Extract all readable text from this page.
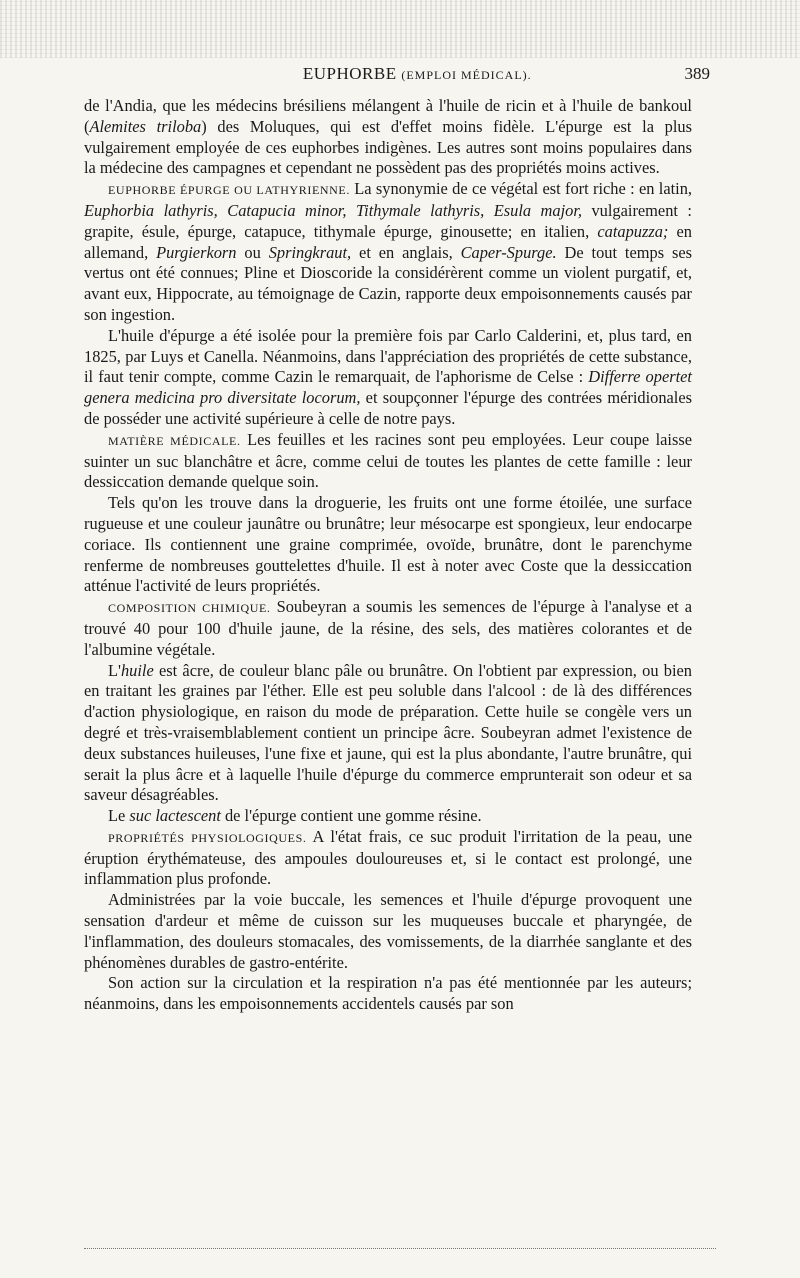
EUPHORBE (EMPLOI MÉDICAL).	389

de l'Andia, que les médecins brésiliens mélangent à l'huile de ricin et à l'huile de bankoul (Alemites triloba) des Moluques, qui est d'effet moins fidèle. L'épurge est la plus vulgairement employée de ces euphorbes indigènes. Les autres sont moins populaires dans la médecine des campagnes et cependant ne possèdent pas des propriétés moins actives.

EUPHORBE ÉPURGE OU LATHYRIENNE. La synonymie de ce végétal est fort riche : en latin, Euphorbia lathyris, Catapucia minor, Tithymale lathyris, Esula major, vulgairement : grapite, ésule, épurge, catapuce, tithymale épurge, ginousette; en italien, catapuzza; en allemand, Purgierkorn ou Springkraut, et en anglais, Caper-Spurge. De tout temps ses vertus ont été connues; Pline et Dioscoride la considérèrent comme un violent purgatif, et, avant eux, Hippocrate, au témoignage de Cazin, rapporte deux empoisonnements causés par son ingestion.

L'huile d'épurge a été isolée pour la première fois par Carlo Calderini, et, plus tard, en 1825, par Luys et Canella. Néanmoins, dans l'appréciation des propriétés de cette substance, il faut tenir compte, comme Cazin le remarquait, de l'aphorisme de Celse : Differre opertet genera medicina pro diversitate locorum, et soupçonner l'épurge des contrées méridionales de posséder une activité supérieure à celle de notre pays.

MATIÈRE MÉDICALE. Les feuilles et les racines sont peu employées. Leur coupe laisse suinter un suc blanchâtre et âcre, comme celui de toutes les plantes de cette famille : leur dessiccation demande quelque soin.

Tels qu'on les trouve dans la droguerie, les fruits ont une forme étoilée, une surface rugueuse et une couleur jaunâtre ou brunâtre; leur mésocarpe est spongieux, leur endocarpe coriace. Ils contiennent une graine comprimée, ovoïde, brunâtre, dont le parenchyme renferme de nombreuses gouttelettes d'huile. Il est à noter avec Coste que la dessiccation atténue l'activité de leurs propriétés.

COMPOSITION CHIMIQUE. Soubeyran a soumis les semences de l'épurge à l'analyse et a trouvé 40 pour 100 d'huile jaune, de la résine, des sels, des matières colorantes et de l'albumine végétale.

L'huile est âcre, de couleur blanc pâle ou brunâtre. On l'obtient par expression, ou bien en traitant les graines par l'éther. Elle est peu soluble dans l'alcool : de là des différences d'action physiologique, en raison du mode de préparation. Cette huile se congèle vers un degré et très-vraisemblablement contient un principe âcre. Soubeyran admet l'existence de deux substances huileuses, l'une fixe et jaune, qui est la plus abondante, l'autre brunâtre, qui serait la plus âcre et à laquelle l'huile d'épurge du commerce emprunterait son odeur et sa saveur désagréables.

Le suc lactescent de l'épurge contient une gomme résine.

PROPRIÉTÉS PHYSIOLOGIQUES. A l'état frais, ce suc produit l'irritation de la peau, une éruption érythémateuse, des ampoules douloureuses et, si le contact est prolongé, une inflammation plus profonde.

Administrées par la voie buccale, les semences et l'huile d'épurge provoquent une sensation d'ardeur et même de cuisson sur les muqueuses buccale et pharyngée, de l'inflammation, des douleurs stomacales, des vomissements, de la diarrhée sanglante et des phénomènes durables de gastro-entérite.

Son action sur la circulation et la respiration n'a pas été mentionnée par les auteurs; néanmoins, dans les empoisonnements accidentels causés par son
